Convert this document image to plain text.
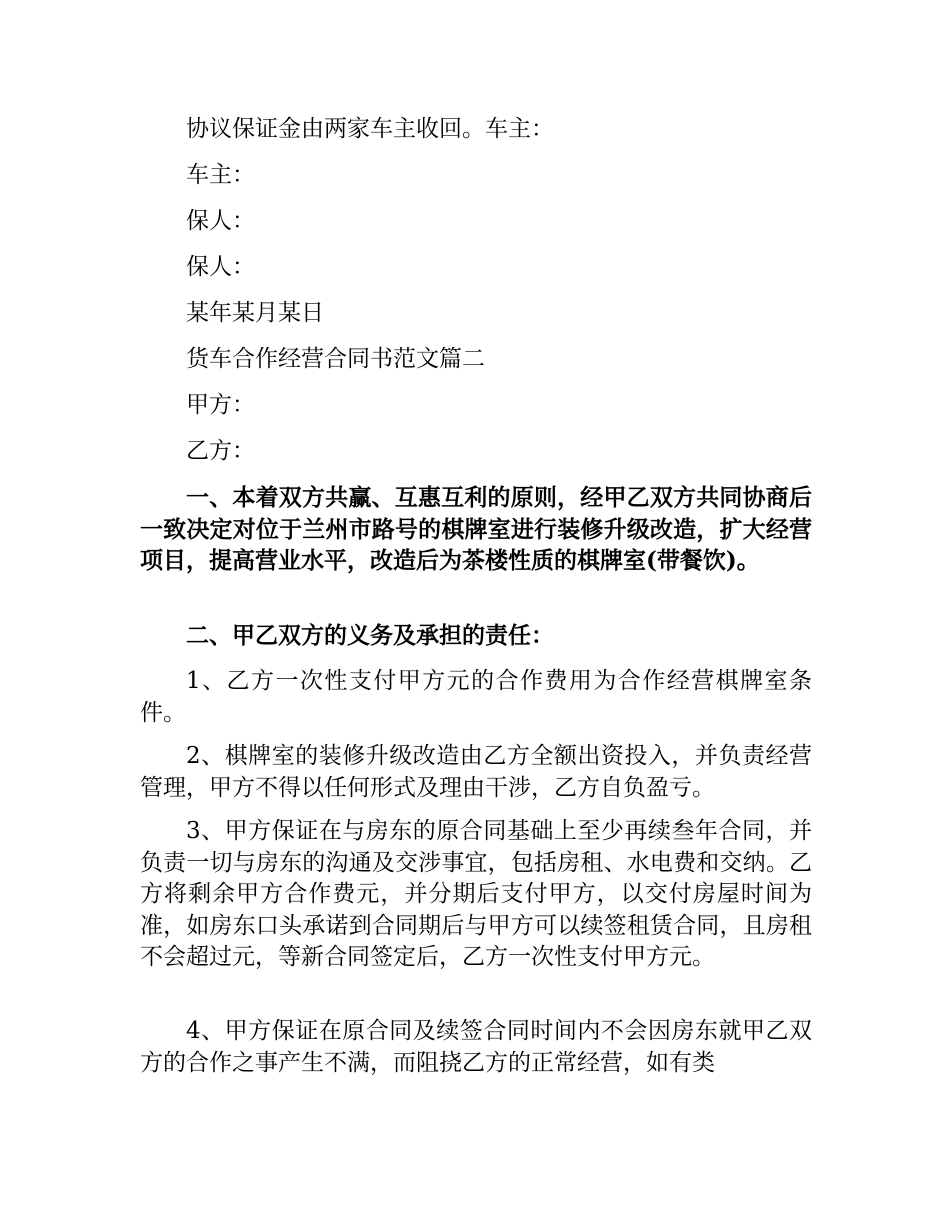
协议保证金由两家车主收回。车主：

车主：

保人：

保人：

某年某月某日

货车合作经营合同书范文篇二

甲方：

乙方：

一、本着双方共赢、互惠互利的原则，经甲乙双方共同协商后一致决定对位于兰州市路号的棋牌室进行装修升级改造，扩大经营项目，提高营业水平，改造后为茶楼性质的棋牌室(带餐饮)。

二、甲乙双方的义务及承担的责任：

1、乙方一次性支付甲方元的合作费用为合作经营棋牌室条件。

2、棋牌室的装修升级改造由乙方全额出资投入，并负责经营管理，甲方不得以任何形式及理由干涉，乙方自负盈亏。

3、甲方保证在与房东的原合同基础上至少再续叁年合同，并负责一切与房东的沟通及交涉事宜，包括房租、水电费和交纳。乙方将剩余甲方合作费元，并分期后支付甲方，以交付房屋时间为准，如房东口头承诺到合同期后与甲方可以续签租赁合同，且房租不会超过元，等新合同签定后，乙方一次性支付甲方元。

4、甲方保证在原合同及续签合同时间内不会因房东就甲乙双方的合作之事产生不满，而阻挠乙方的正常经营，如有类
